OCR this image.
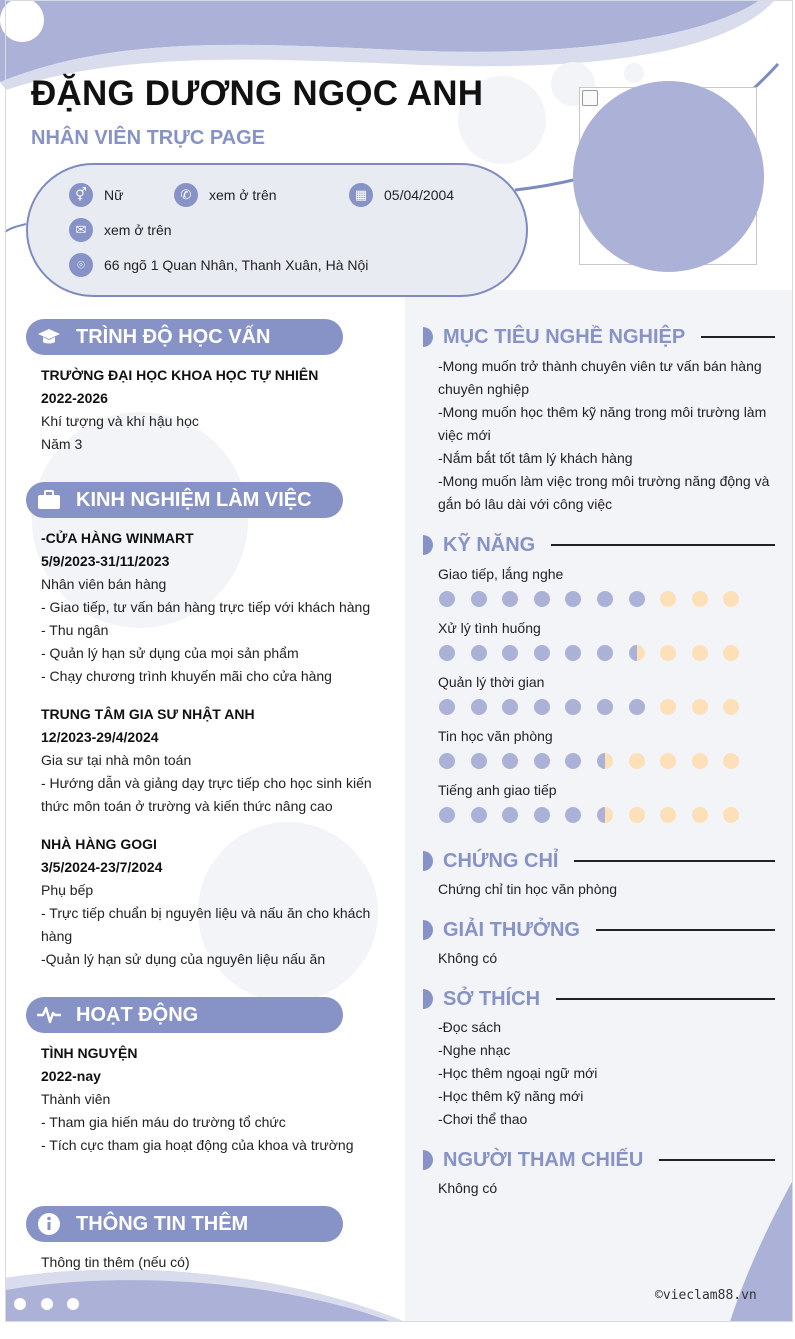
ĐẶNG DƯƠNG NGỌC ANH
NHÂN VIÊN TRỰC PAGE
⚥	Nữ	✆	xem ở trên	▦	05/04/2004
✉	xem ở trên
⌾	66 ngõ 1 Quan Nhân, Thanh Xuân, Hà Nội
TRÌNH ĐỘ HỌC VẤN
TRƯỜNG ĐẠI HỌC KHOA HỌC TỰ NHIÊN
2022-2026
Khí tượng và khí hậu học
Năm 3
KINH NGHIỆM LÀM VIỆC
-CỬA HÀNG WINMART
5/9/2023-31/11/2023
Nhân viên bán hàng
- Giao tiếp, tư vấn bán hàng trực tiếp với khách hàng
- Thu ngân
- Quản lý hạn sử dụng của mọi sản phẩm
- Chạy chương trình khuyến mãi cho cửa hàng
TRUNG TÂM GIA SƯ NHẬT ANH
12/2023-29/4/2024
Gia sư tại nhà môn toán
- Hướng dẫn và giảng dạy trực tiếp cho học sinh kiến thức môn toán ở trường và kiến thức nâng cao
NHÀ HÀNG GOGI
3/5/2024-23/7/2024
Phụ bếp
- Trực tiếp chuẩn bị nguyên liệu và nấu ăn cho khách hàng
-Quản lý hạn sử dụng của nguyên liệu nấu ăn
HOẠT ĐỘNG
TÌNH NGUYỆN
2022-nay
Thành viên
- Tham gia hiến máu do trường tổ chức
- Tích cực tham gia hoạt động của khoa và trường
THÔNG TIN THÊM
Thông tin thêm (nếu có)
MỤC TIÊU NGHỀ NGHIỆP
-Mong muốn trở thành chuyên viên tư vấn bán hàng chuyên nghiệp
-Mong muốn học thêm kỹ năng trong môi trường làm việc mới
-Nắm bắt tốt tâm lý khách hàng
-Mong muốn làm việc trong môi trường năng động và gắn bó lâu dài với công việc
KỸ NĂNG
Giao tiếp, lắng nghe
Xử lý tình huống
Quản lý thời gian
Tin học văn phòng
Tiếng anh giao tiếp
CHỨNG CHỈ
Chứng chỉ tin học văn phòng
GIẢI THƯỞNG
Không có
SỞ THÍCH
-Đọc sách
-Nghe nhạc
-Học thêm ngoại ngữ mới
-Học thêm kỹ năng mới
-Chơi thể thao
NGƯỜI THAM CHIẾU
Không có
©vieclam88.vn
